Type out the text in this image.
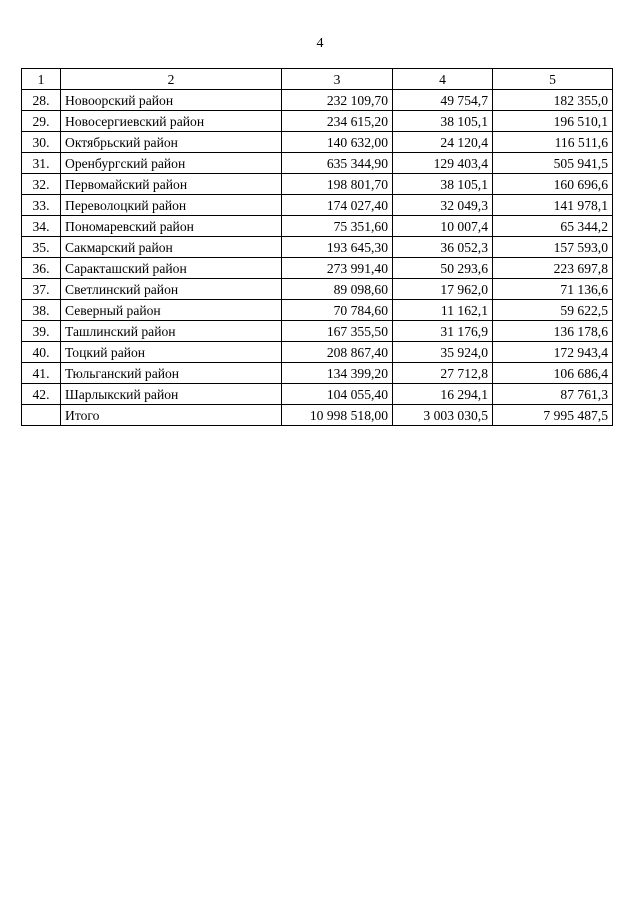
4
1	2	3	4	5
28.	Новоорский район	232 109,70	49 754,7	182 355,0
29.	Новосергиевский район	234 615,20	38 105,1	196 510,1
30.	Октябрьский район	140 632,00	24 120,4	116 511,6
31.	Оренбургский район	635 344,90	129 403,4	505 941,5
32.	Первомайский район	198 801,70	38 105,1	160 696,6
33.	Переволоцкий район	174 027,40	32 049,3	141 978,1
34.	Пономаревский район	75 351,60	10 007,4	65 344,2
35.	Сакмарский район	193 645,30	36 052,3	157 593,0
36.	Саракташский район	273 991,40	50 293,6	223 697,8
37.	Светлинский район	89 098,60	17 962,0	71 136,6
38.	Северный район	70 784,60	11 162,1	59 622,5
39.	Ташлинский район	167 355,50	31 176,9	136 178,6
40.	Тоцкий район	208 867,40	35 924,0	172 943,4
41.	Тюльганский район	134 399,20	27 712,8	106 686,4
42.	Шарлыкский район	104 055,40	16 294,1	87 761,3
	Итого	10 998 518,00	3 003 030,5	7 995 487,5
